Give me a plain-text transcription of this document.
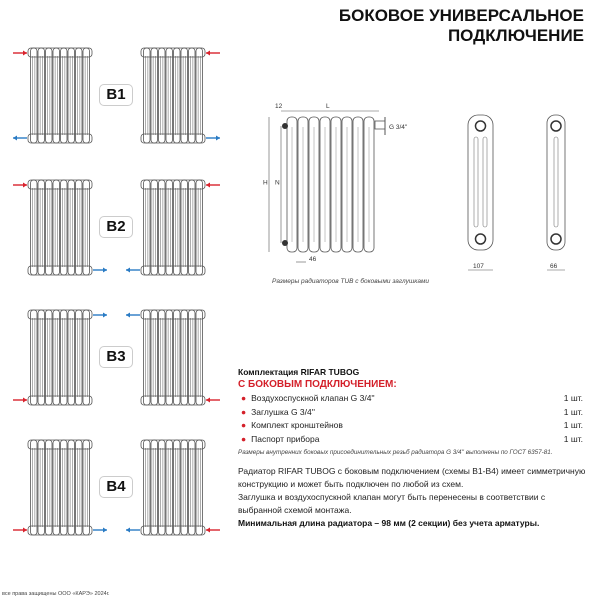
БОКОВОЕ УНИВЕРСАЛЬНОЕ
ПОДКЛЮЧЕНИЕ
B1
B2
B3
B4
12	L
G 3/4''
H N
46
107	66
Размеры радиаторов TUB с боковыми заглушками
Комплектация RIFAR TUBOG
С БОКОВЫМ ПОДКЛЮЧЕНИЕМ:
● Воздухоспускной клапан G 3/4''	1 шт.
● Заглушка G 3/4''	1 шт.
● Комплект кронштейнов	1 шт.
● Паспорт прибора	1 шт.
Размеры внутренних боковых присоединительных резьб радиатора G 3/4'' выполнены по ГОСТ 6357-81.

Радиатор RIFAR TUBOG с боковым подключением (схемы B1-B4) имеет симметричную конструкцию и может быть подключен по любой из схем.

Заглушка и воздухоспускной клапан могут быть перенесены в соответствии с выбранной схемой монтажа.

Минимальная длина радиатора – 98 мм (2 секции) без учета арматуры.

все права защищены ООО «КАРЭ» 2024г.
